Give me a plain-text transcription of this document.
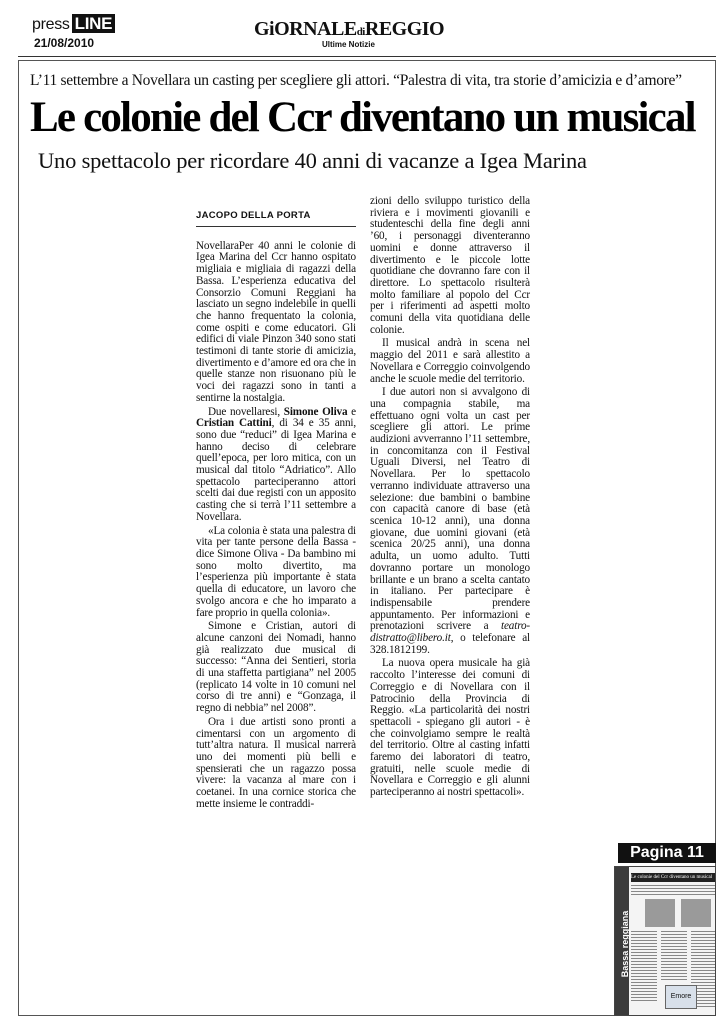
press LINE
21/08/2010
GiORNALEdiREGGIO
Ultime Notizie
L’11 settembre a Novellara un casting per scegliere gli attori. “Palestra di vita, tra storie d’amicizia e d’amore”
Le colonie del Ccr diventano un musical
Uno spettacolo per ricordare 40 anni di vacanze a Igea Marina
JACOPO DELLA PORTA

NovellaraPer 40 anni le colonie di Igea Marina del Ccr hanno ospitato migliaia e migliaia di ragazzi della Bassa. L’esperienza educativa del Consorzio Comuni Reggiani ha lasciato un segno indelebile in quelli che hanno frequentato la colonia, come ospiti e come educatori. Gli edifici di viale Pinzon 340 sono stati testimoni di tante storie di amicizia, divertimento e d’amore ed ora che in quelle stanze non risuonano più le voci dei ragazzi sono in tanti a sentirne la nostalgia.

Due novellaresi, Simone Oliva e Cristian Cattini, di 34 e 35 anni, sono due “reduci” di Igea Marina e hanno deciso di celebrare quell’epoca, per loro mitica, con un musical dal titolo “Adriatico”. Allo spettacolo parteciperanno attori scelti dai due registi con un apposito casting che si terrà l’11 settembre a Novellara.

«La colonia è stata una palestra di vita per tante persone della Bassa - dice Simone Oliva - Da bambino mi sono molto divertito, ma l’esperienza più importante è stata quella di educatore, un lavoro che svolgo ancora e che ho imparato a fare proprio in quella colonia».

Simone e Cristian, autori di alcune canzoni dei Nomadi, hanno già realizzato due musical di successo: “Anna dei Sentieri, storia di una staffetta partigiana” nel 2005 (replicato 14 volte in 10 comuni nel corso di tre anni) e “Gonzaga, il regno di nebbia” nel 2008”.

Ora i due artisti sono pronti a cimentarsi con un argomento di tutt’altra natura. Il musical narrerà uno dei momenti più belli e spensierati che un ragazzo possa vivere: la vacanza al mare con i coetanei. In una cornice storica che mette insieme le contraddi-

zioni dello sviluppo turistico della riviera e i movimenti giovanili e studenteschi della fine degli anni ’60, i personaggi diventeranno uomini e donne attraverso il divertimento e le piccole lotte quotidiane che dovranno fare con il direttore. Lo spettacolo risulterà molto familiare al popolo del Ccr per i riferimenti ad aspetti molto comuni della vita quotidiana delle colonie.

Il musical andrà in scena nel maggio del 2011 e sarà allestito a Novellara e Correggio coinvolgendo anche le scuole medie del territorio.

I due autori non si avvalgono di una compagnia stabile, ma effettuano ogni volta un cast per scegliere gli attori. Le prime audizioni avverranno l’11 settembre, in concomitanza con il Festival Uguali Diversi, nel Teatro di Novellara. Per lo spettacolo verranno individuate attraverso una selezione: due bambini o bambine con capacità canore di base (età scenica 10-12 anni), una donna giovane, due uomini giovani (età scenica 20/25 anni), una donna adulta, un uomo adulto. Tutti dovranno portare un monologo brillante e un brano a scelta cantato in italiano. Per partecipare è indispensabile prendere appuntamento. Per informazioni e prenotazioni scrivere a teatro-distratto@libero.it, o telefonare al 328.1812199.

La nuova opera musicale ha già raccolto l’interesse dei comuni di Correggio e di Novellara con il Patrocinio della Provincia di Reggio. «La particolarità dei nostri spettacoli - spiegano gli autori - è che coinvolgiamo sempre le realtà del territorio. Oltre al casting infatti faremo dei laboratori di teatro, gratuiti, nelle scuole medie di Novellara e Correggio e gli alunni parteciperanno ai nostri spettacoli».

Pagina 11
Bassa reggiana
Le colonie del Ccr diventano un musical
Emore
